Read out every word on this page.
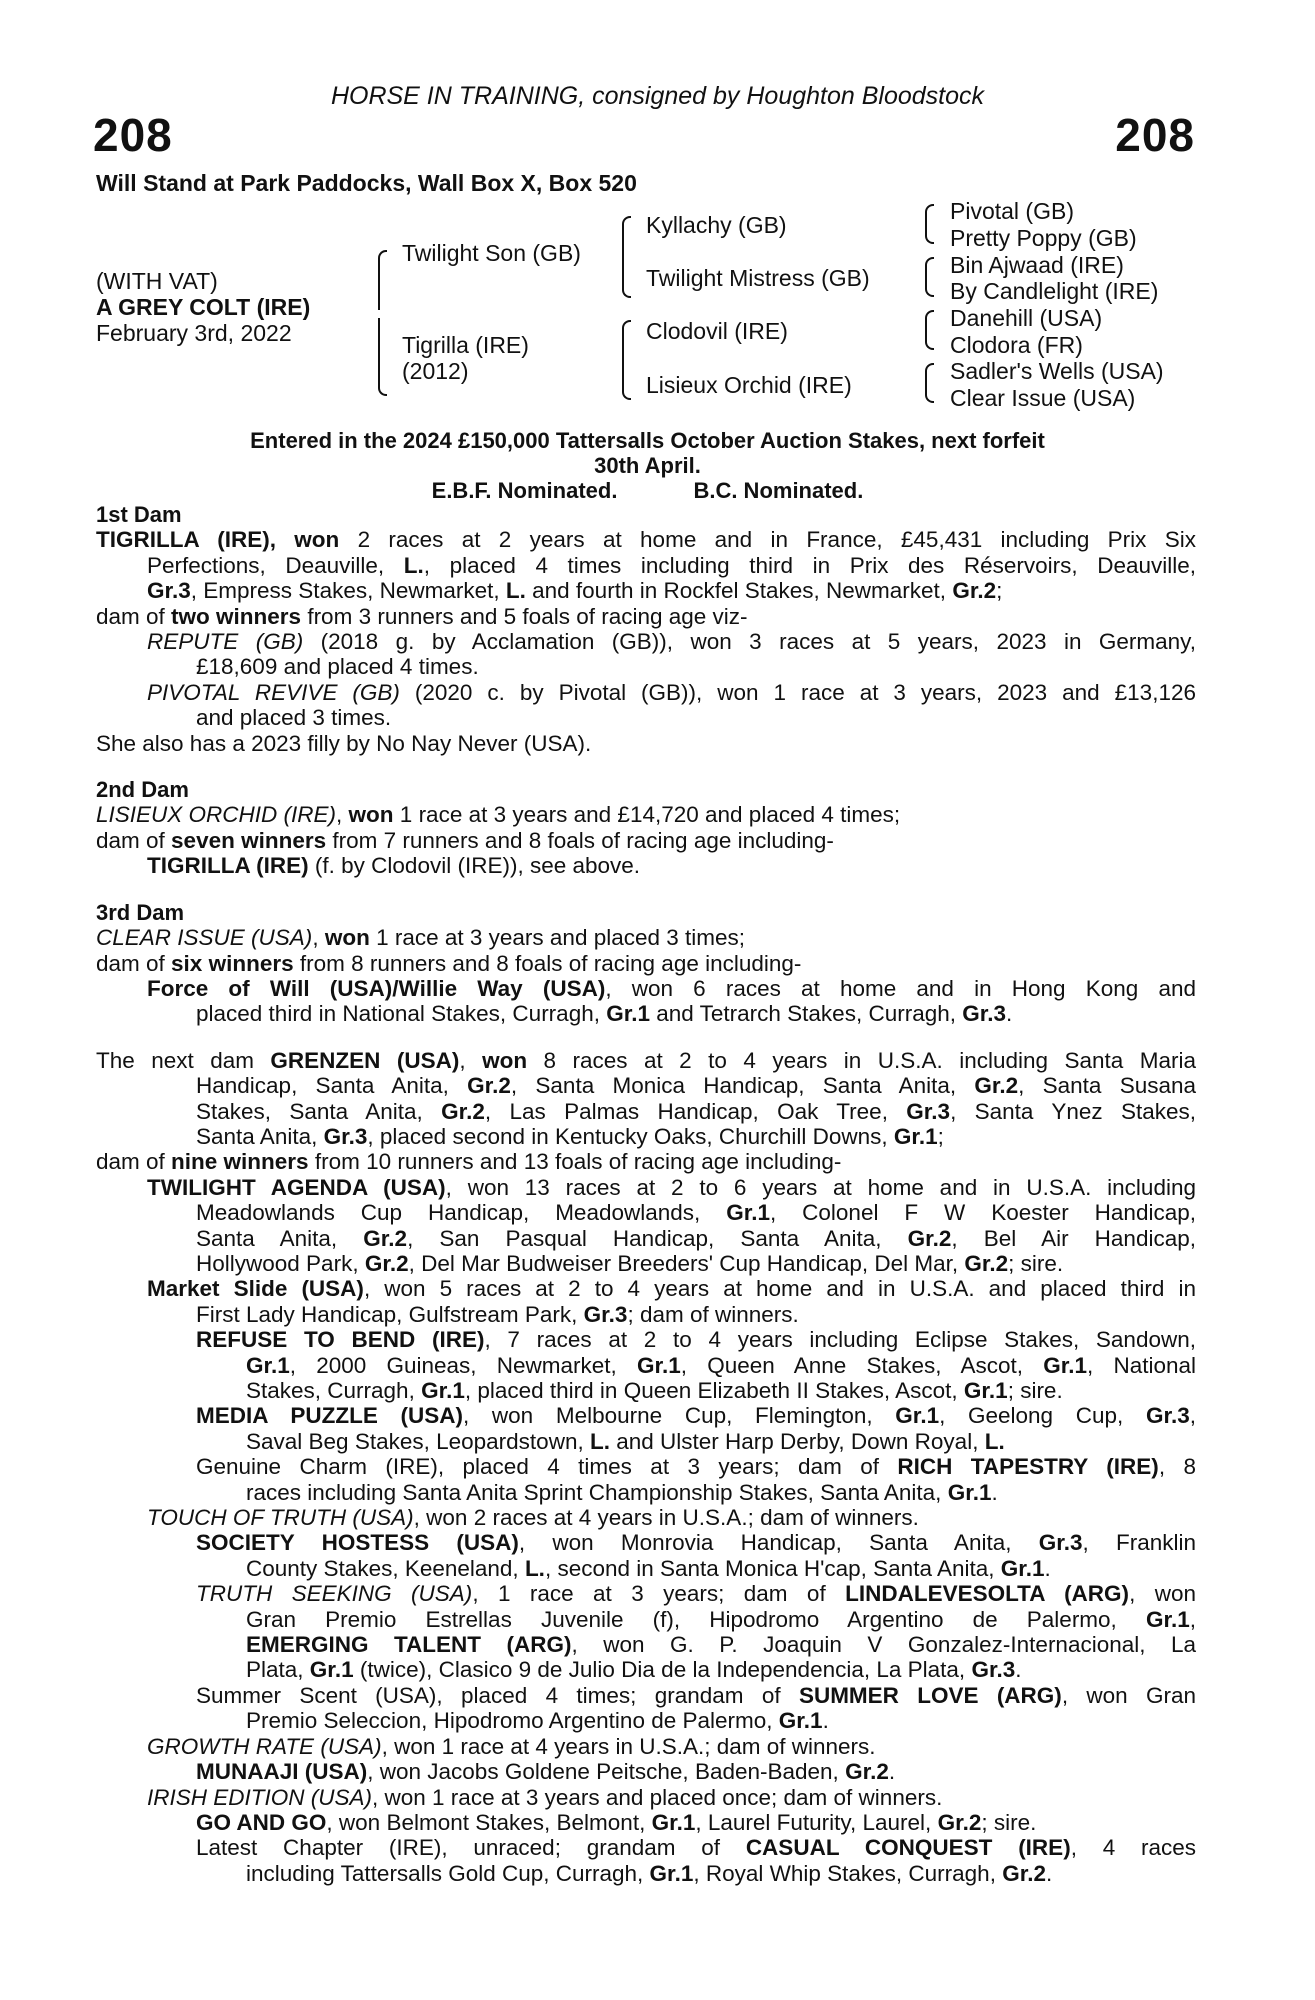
HORSE IN TRAINING, consigned by Houghton Bloodstock
208	208
Will Stand at Park Paddocks, Wall Box X, Box 520
(WITH VAT)
A GREY COLT (IRE)
February 3rd, 2022
Twilight Son (GB)
Tigrilla (IRE)
(2012)
Kyllachy (GB)
Twilight Mistress (GB)
Clodovil (IRE)
Lisieux Orchid (IRE)
Pivotal (GB)
Pretty Poppy (GB)
Bin Ajwaad (IRE)
By Candlelight (IRE)
Danehill (USA)
Clodora (FR)
Sadler's Wells (USA)
Clear Issue (USA)
Entered in the 2024 £150,000 Tattersalls October Auction Stakes, next forfeit
30th April.
E.B.F. Nominated.	B.C. Nominated.
1st Dam
TIGRILLA (IRE), won 2 races at 2 years at home and in France, £45,431 including Prix Six
Perfections, Deauville, L., placed 4 times including third in Prix des Réservoirs, Deauville,
Gr.3, Empress Stakes, Newmarket, L. and fourth in Rockfel Stakes, Newmarket, Gr.2;
dam of two winners from 3 runners and 5 foals of racing age viz-
REPUTE (GB) (2018 g. by Acclamation (GB)), won 3 races at 5 years, 2023 in Germany,
£18,609 and placed 4 times.
PIVOTAL REVIVE (GB) (2020 c. by Pivotal (GB)), won 1 race at 3 years, 2023 and £13,126
and placed 3 times.
She also has a 2023 filly by No Nay Never (USA).
2nd Dam
LISIEUX ORCHID (IRE), won 1 race at 3 years and £14,720 and placed 4 times;
dam of seven winners from 7 runners and 8 foals of racing age including-
TIGRILLA (IRE) (f. by Clodovil (IRE)), see above.
3rd Dam
CLEAR ISSUE (USA), won 1 race at 3 years and placed 3 times;
dam of six winners from 8 runners and 8 foals of racing age including-
Force of Will (USA)/Willie Way (USA), won 6 races at home and in Hong Kong and
placed third in National Stakes, Curragh, Gr.1 and Tetrarch Stakes, Curragh, Gr.3.
The next dam GRENZEN (USA), won 8 races at 2 to 4 years in U.S.A. including Santa Maria
Handicap, Santa Anita, Gr.2, Santa Monica Handicap, Santa Anita, Gr.2, Santa Susana
Stakes, Santa Anita, Gr.2, Las Palmas Handicap, Oak Tree, Gr.3, Santa Ynez Stakes,
Santa Anita, Gr.3, placed second in Kentucky Oaks, Churchill Downs, Gr.1;
dam of nine winners from 10 runners and 13 foals of racing age including-
TWILIGHT AGENDA (USA), won 13 races at 2 to 6 years at home and in U.S.A. including
Meadowlands Cup Handicap, Meadowlands, Gr.1, Colonel F W Koester Handicap,
Santa Anita, Gr.2, San Pasqual Handicap, Santa Anita, Gr.2, Bel Air Handicap,
Hollywood Park, Gr.2, Del Mar Budweiser Breeders' Cup Handicap, Del Mar, Gr.2; sire.
Market Slide (USA), won 5 races at 2 to 4 years at home and in U.S.A. and placed third in
First Lady Handicap, Gulfstream Park, Gr.3; dam of winners.
REFUSE TO BEND (IRE), 7 races at 2 to 4 years including Eclipse Stakes, Sandown,
Gr.1, 2000 Guineas, Newmarket, Gr.1, Queen Anne Stakes, Ascot, Gr.1, National
Stakes, Curragh, Gr.1, placed third in Queen Elizabeth II Stakes, Ascot, Gr.1; sire.
MEDIA PUZZLE (USA), won Melbourne Cup, Flemington, Gr.1, Geelong Cup, Gr.3,
Saval Beg Stakes, Leopardstown, L. and Ulster Harp Derby, Down Royal, L.
Genuine Charm (IRE), placed 4 times at 3 years; dam of RICH TAPESTRY (IRE), 8
races including Santa Anita Sprint Championship Stakes, Santa Anita, Gr.1.
TOUCH OF TRUTH (USA), won 2 races at 4 years in U.S.A.; dam of winners.
SOCIETY HOSTESS (USA), won Monrovia Handicap, Santa Anita, Gr.3, Franklin
County Stakes, Keeneland, L., second in Santa Monica H'cap, Santa Anita, Gr.1.
TRUTH SEEKING (USA), 1 race at 3 years; dam of LINDALEVESOLTA (ARG), won
Gran Premio Estrellas Juvenile (f), Hipodromo Argentino de Palermo, Gr.1,
EMERGING TALENT (ARG), won G. P. Joaquin V Gonzalez-Internacional, La
Plata, Gr.1 (twice), Clasico 9 de Julio Dia de la Independencia, La Plata, Gr.3.
Summer Scent (USA), placed 4 times; grandam of SUMMER LOVE (ARG), won Gran
Premio Seleccion, Hipodromo Argentino de Palermo, Gr.1.
GROWTH RATE (USA), won 1 race at 4 years in U.S.A.; dam of winners.
MUNAAJI (USA), won Jacobs Goldene Peitsche, Baden-Baden, Gr.2.
IRISH EDITION (USA), won 1 race at 3 years and placed once; dam of winners.
GO AND GO, won Belmont Stakes, Belmont, Gr.1, Laurel Futurity, Laurel, Gr.2; sire.
Latest Chapter (IRE), unraced; grandam of CASUAL CONQUEST (IRE), 4 races
including Tattersalls Gold Cup, Curragh, Gr.1, Royal Whip Stakes, Curragh, Gr.2.
